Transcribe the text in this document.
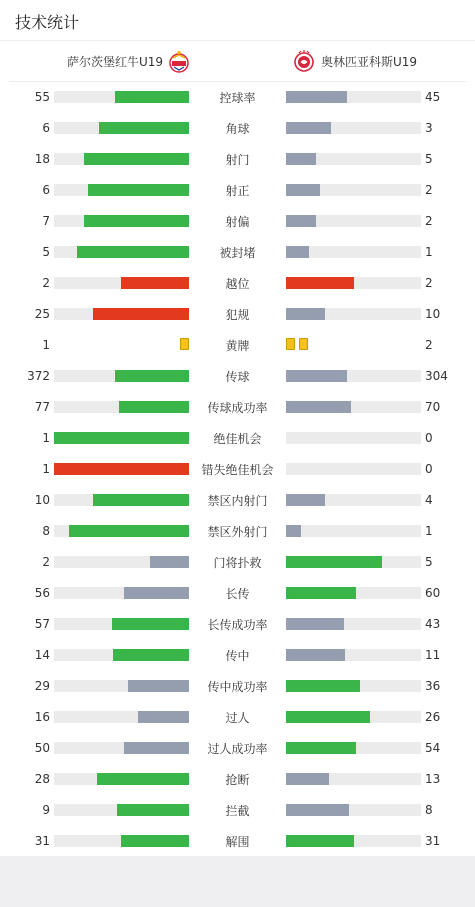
技术统计
萨尔茨堡红牛U19	奥林匹亚科斯U19
55	控球率	45
6	角球	3
18	射门	5
6	射正	2
7	射偏	2
5	被封堵	1
2	越位	2
25	犯规	10
1	黄牌	2
372	传球	304
77	传球成功率	70
1	绝佳机会	0
1	错失绝佳机会	0
10	禁区内射门	4
8	禁区外射门	1
2	门将扑救	5
56	长传	60
57	长传成功率	43
14	传中	11
29	传中成功率	36
16	过人	26
50	过人成功率	54
28	抢断	13
9	拦截	8
31	解围	31
